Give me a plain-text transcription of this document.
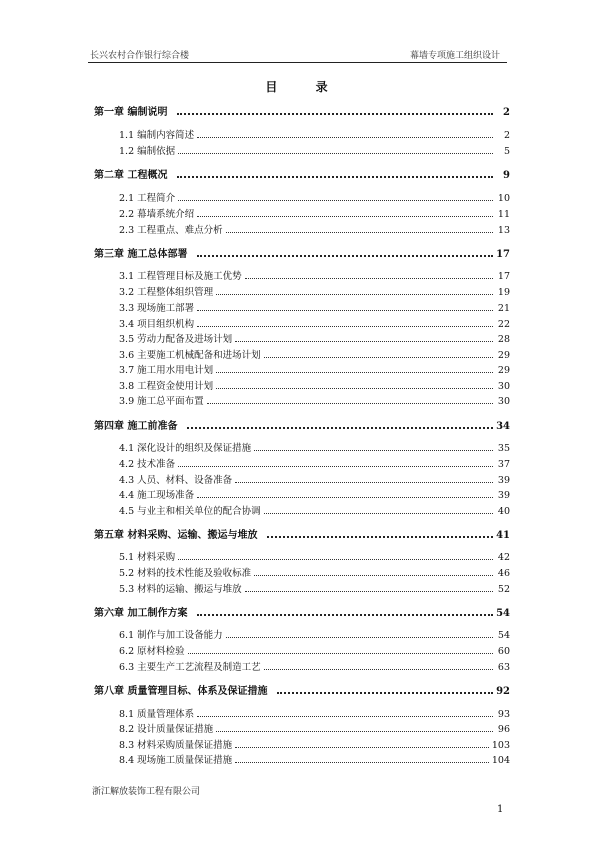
长兴农村合作银行综合楼	幕墙专项施工组织设计
目	录
第一章 编制说明	2
1.1 编制内容简述	2
1.2 编制依据	5
第二章 工程概况	9
2.1 工程简介	10
2.2 幕墙系统介绍	11
2.3 工程重点、难点分析	13
第三章 施工总体部署	17
3.1 工程管理目标及施工优势	17
3.2 工程整体组织管理	19
3.3 现场施工部署	21
3.4 项目组织机构	22
3.5 劳动力配备及进场计划	28
3.6 主要施工机械配备和进场计划	29
3.7 施工用水用电计划	29
3.8 工程资金使用计划	30
3.9 施工总平面布置	30
第四章 施工前准备	34
4.1 深化设计的组织及保证措施	35
4.2 技术准备	37
4.3 人员、材料、设备准备	39
4.4 施工现场准备	39
4.5 与业主和相关单位的配合协调	40
第五章 材料采购、运输、搬运与堆放	41
5.1 材料采购	42
5.2 材料的技术性能及验收标准	46
5.3 材料的运输、搬运与堆放	52
第六章 加工制作方案	54
6.1 制作与加工设备能力	54
6.2 原材料检验	60
6.3 主要生产工艺流程及制造工艺	63
第八章 质量管理目标、体系及保证措施	92
8.1 质量管理体系	93
8.2 设计质量保证措施	96
8.3 材料采购质量保证措施	103
8.4 现场施工质量保证措施	104
浙江解放装饰工程有限公司
1
